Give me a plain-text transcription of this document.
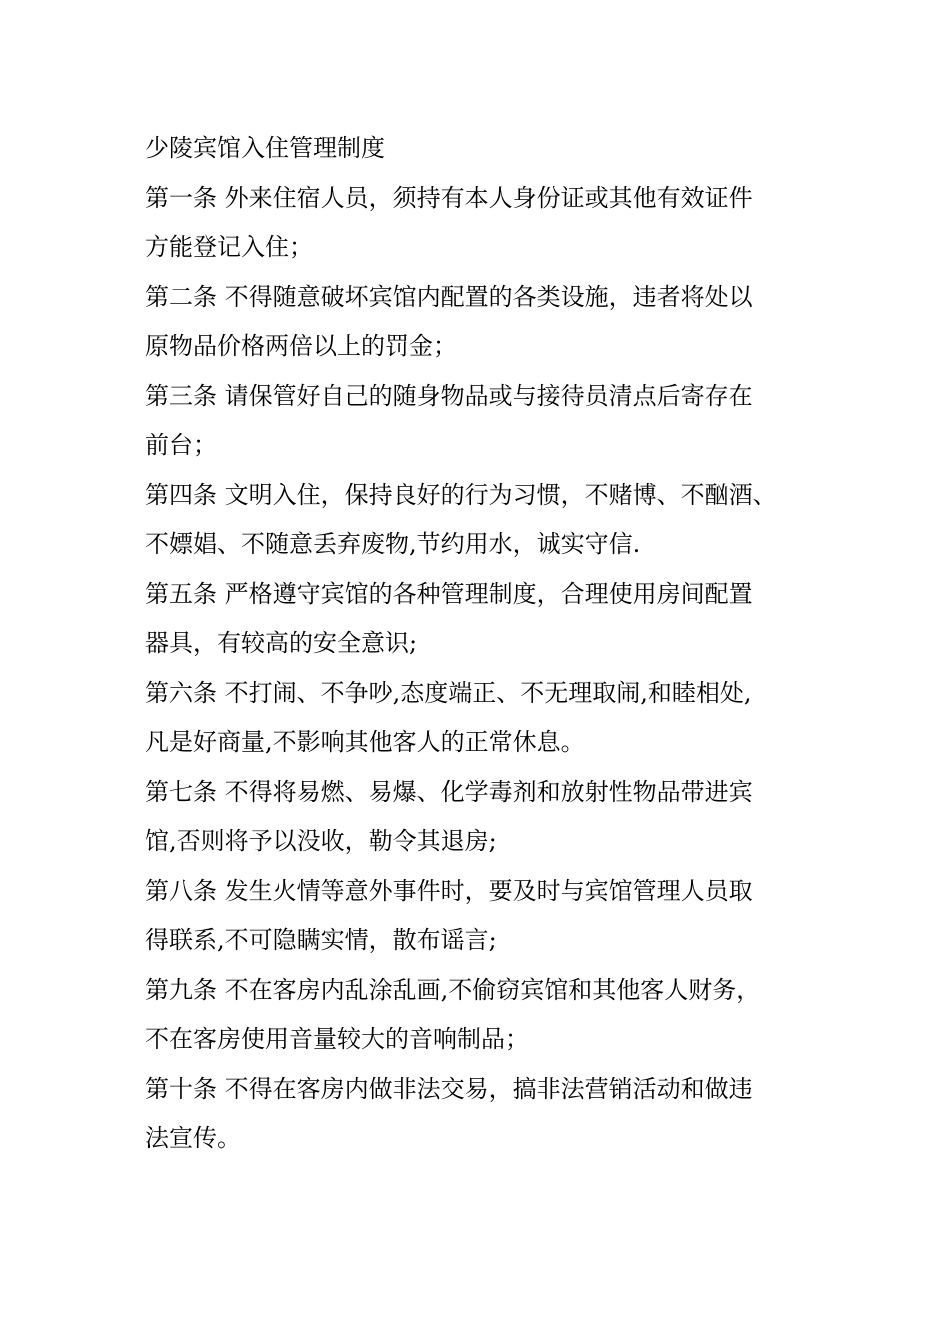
少陵宾馆入住管理制度
第一条 外来住宿人员，须持有本人身份证或其他有效证件
方能登记入住；
第二条 不得随意破坏宾馆内配置的各类设施，违者将处以
原物品价格两倍以上的罚金；
第三条 请保管好自己的随身物品或与接待员清点后寄存在
前台；
第四条 文明入住，保持良好的行为习惯，不赌博、不酗酒、
不嫖娼、不随意丢弃废物,节约用水，诚实守信.
第五条 严格遵守宾馆的各种管理制度，合理使用房间配置
器具，有较高的安全意识;
第六条 不打闹、不争吵,态度端正、不无理取闹,和睦相处,
凡是好商量,不影响其他客人的正常休息。
第七条 不得将易燃、易爆、化学毒剂和放射性物品带进宾
馆,否则将予以没收，勒令其退房;
第八条 发生火情等意外事件时，要及时与宾馆管理人员取
得联系,不可隐瞒实情，散布谣言;
第九条 不在客房内乱涂乱画,不偷窃宾馆和其他客人财务，
不在客房使用音量较大的音响制品；
第十条 不得在客房内做非法交易，搞非法营销活动和做违
法宣传。
